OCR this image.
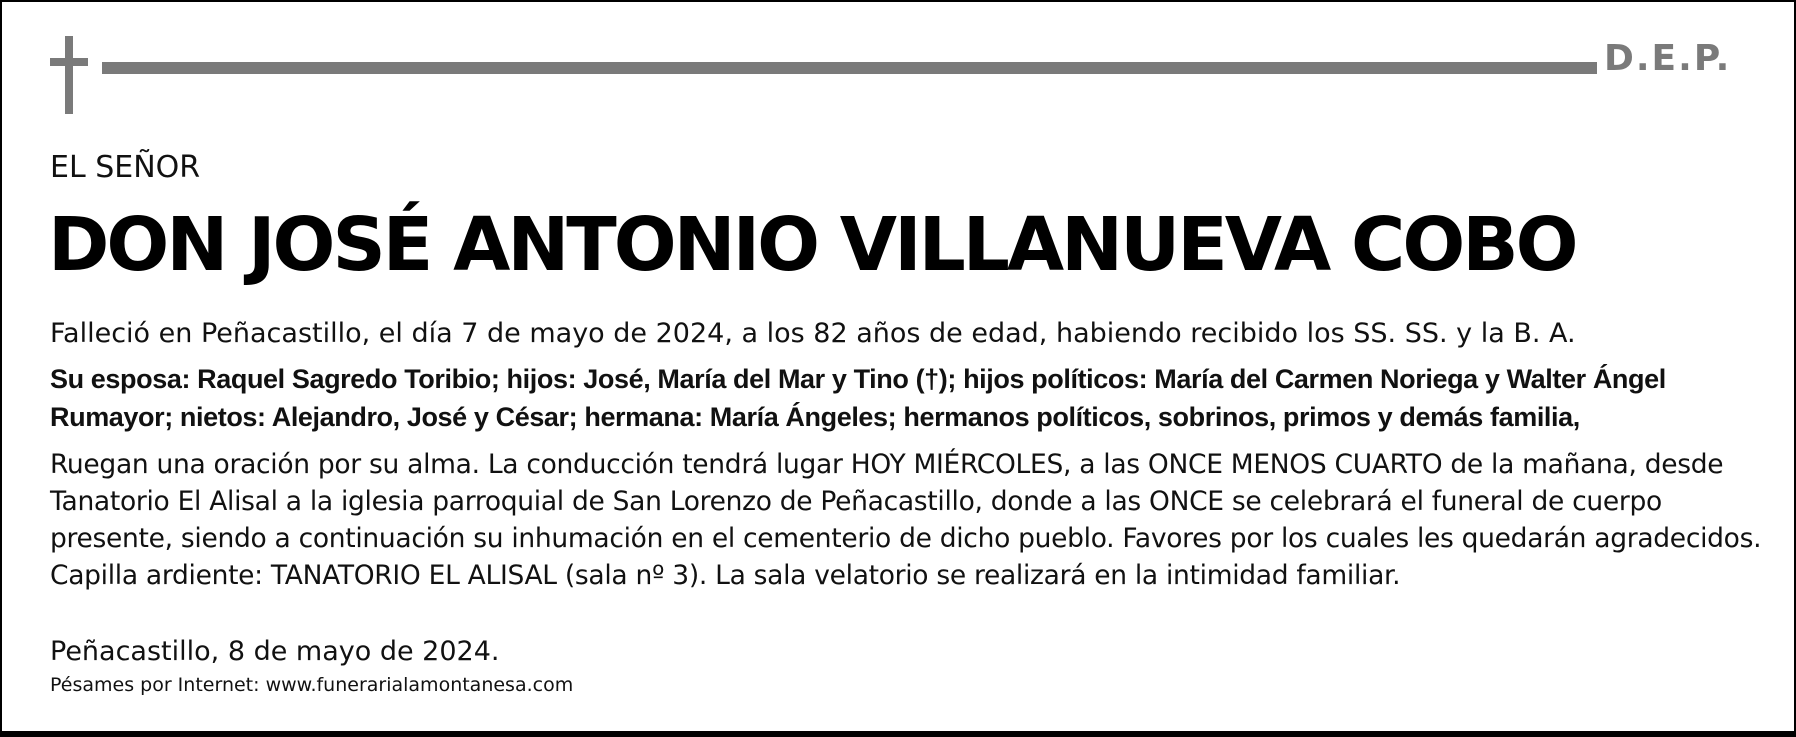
D.E.P.
EL SEÑOR
DON JOSÉ ANTONIO VILLANUEVA COBO
Falleció en Peñacastillo, el día 7 de mayo de 2024, a los 82 años de edad, habiendo recibido los SS. SS. y la B. A.
Su esposa: Raquel Sagredo Toribio; hijos: José, María del Mar y Tino (†); hijos políticos: María del Carmen Noriega y Walter Ángel Rumayor; nietos: Alejandro, José y César; hermana: María Ángeles; hermanos políticos, sobrinos, primos y demás familia,
Ruegan una oración por su alma. La conducción tendrá lugar HOY MIÉRCOLES, a las ONCE MENOS CUARTO de la mañana, desde Tanatorio El Alisal a la iglesia parroquial de San Lorenzo de Peñacastillo, donde a las ONCE se celebrará el funeral de cuerpo presente, siendo a continuación su inhumación en el cementerio de dicho pueblo. Favores por los cuales les quedarán agradecidos. Capilla ardiente: TANATORIO EL ALISAL (sala nº 3). La sala velatorio se realizará en la intimidad familiar.
Peñacastillo, 8 de mayo de 2024.
Pésames por Internet: www.funerarialamontanesa.com
